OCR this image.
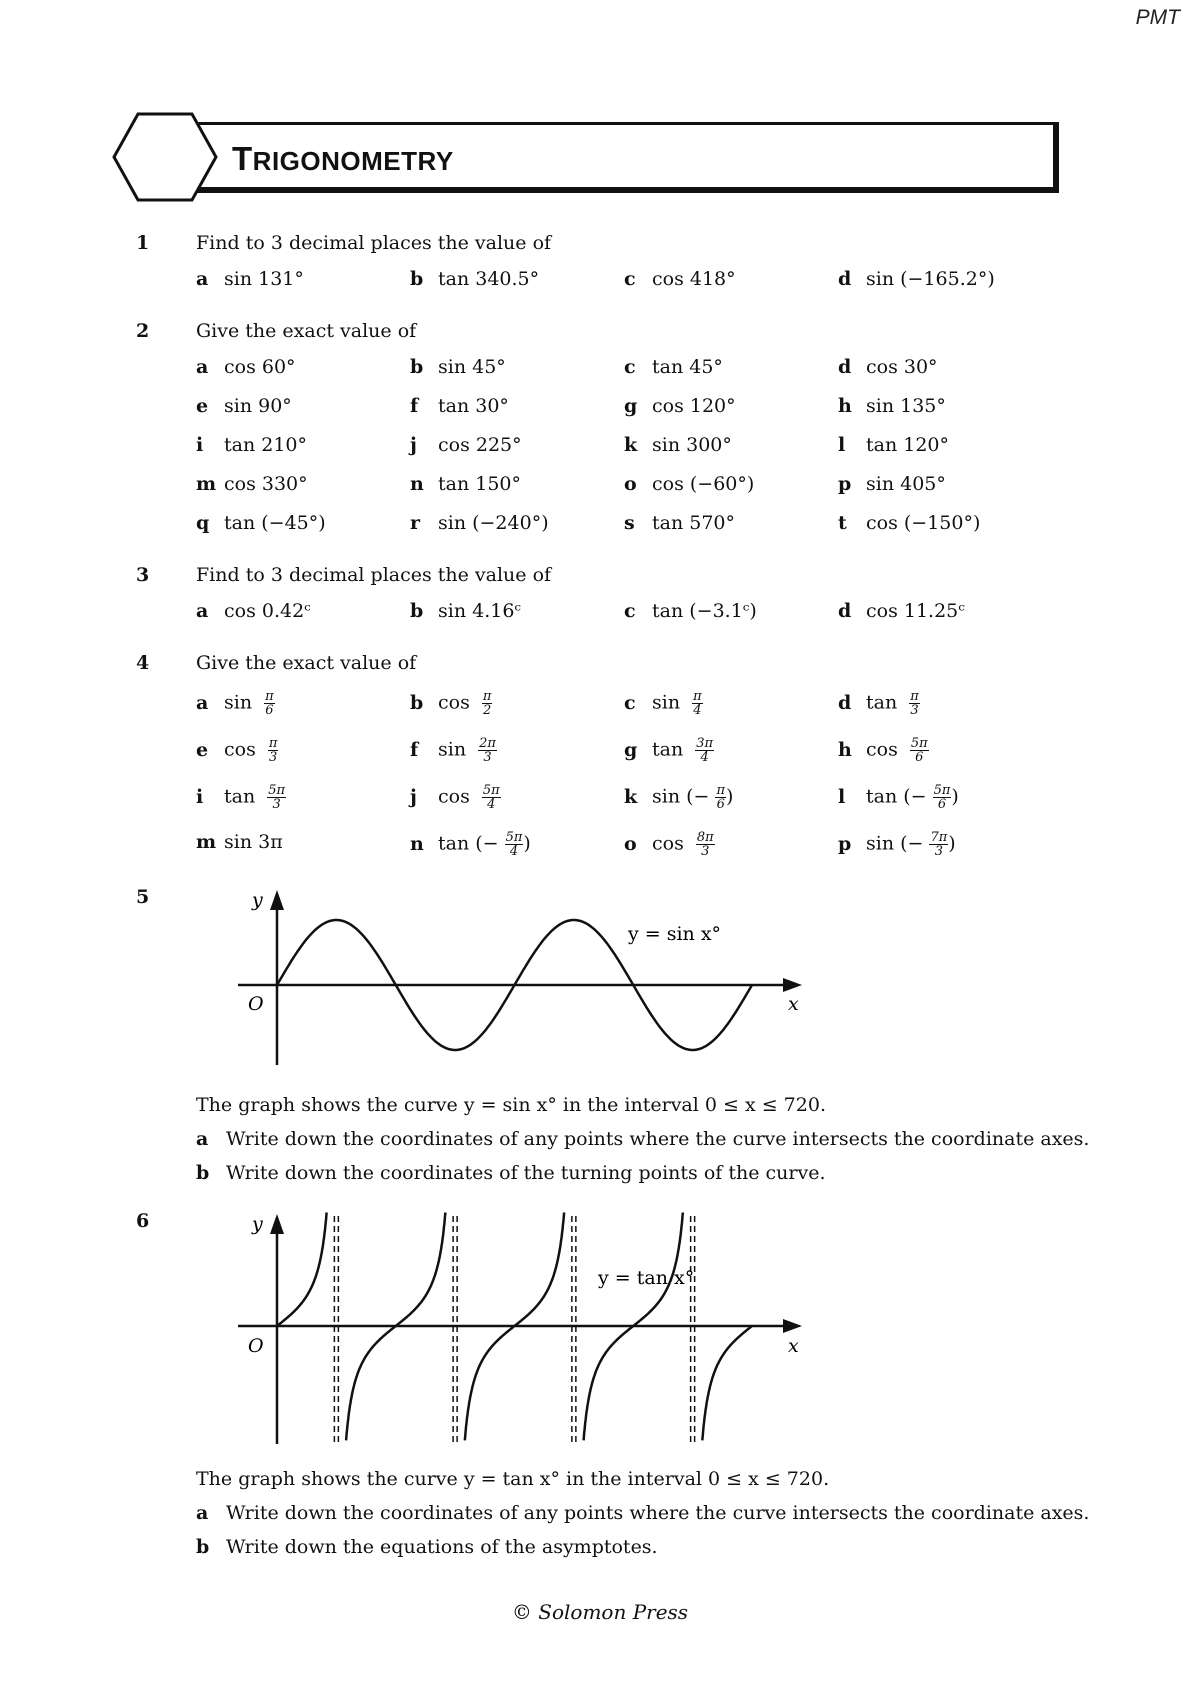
PMT
TRIGONOMETRY
1 Find to 3 decimal places the value of
a sin 131°	b tan 340.5°	c cos 418°	d sin (−165.2°)
2 Give the exact value of
a cos 60°	b sin 45°	c tan 45°	d cos 30°
e sin 90°	f tan 30°	g cos 120°	h sin 135°
i tan 210°	j cos 225°	k sin 300°	l tan 120°
m cos 330°	n tan 150°	o cos (−60°)	p sin 405°
q tan (−45°)	r sin (−240°)	s tan 570°	t cos (−150°)
3 Find to 3 decimal places the value of
a cos 0.42ᶜ	b sin 4.16ᶜ	c tan (−3.1ᶜ)	d cos 11.25ᶜ
4 Give the exact value of
a $\sin \frac{\pi}{6}$	b $\cos \frac{\pi}{2}$	c $\sin \frac{\pi}{4}$	d $\tan \frac{\pi}{3}$
e $\cos \frac{\pi}{3}$	f $\sin \frac{2\pi}{3}$	g $\tan \frac{3\pi}{4}$	h $\cos \frac{5\pi}{6}$
i $\tan \frac{5\pi}{3}$	j $\cos \frac{5\pi}{4}$	k sin (− $\frac{\pi}{6}$ )	l tan (− $\frac{5\pi}{6}$ )
m sin 3π	n tan (− $\frac{5\pi}{4}$ )	o $\cos \frac{8\pi}{3}$	p sin (− $\frac{7\pi}{3}$ )
5	y
O	x
y = sin x°
The graph shows the curve y = sin x° in the interval 0 ≤ x ≤ 720.
a Write down the coordinates of any points where the curve intersects the coordinate axes.
b Write down the coordinates of the turning points of the curve.
6	y
O	x
y = tan x°
The graph shows the curve y = tan x° in the interval 0 ≤ x ≤ 720.
a Write down the coordinates of any points where the curve intersects the coordinate axes.
b Write down the equations of the asymptotes.
© Solomon Press
